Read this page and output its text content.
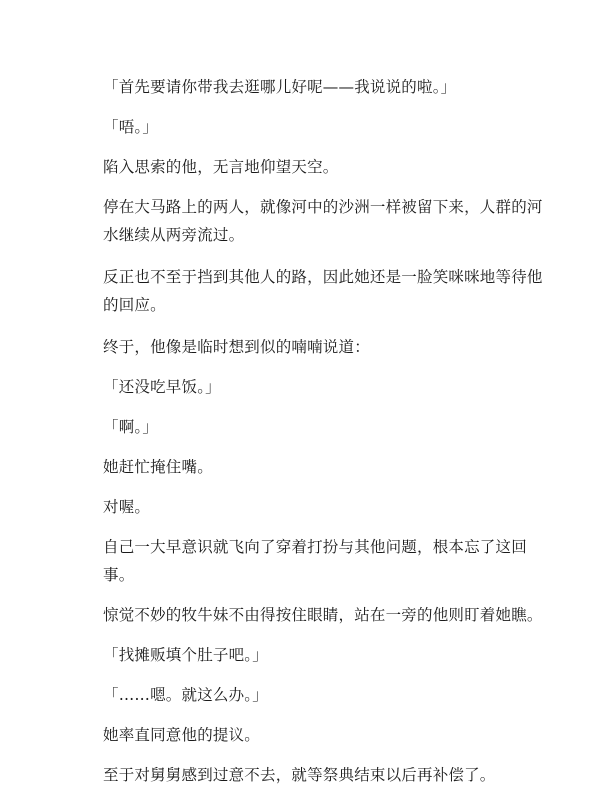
「首先要请你带我去逛哪儿好呢——我说说的啦。」

「唔。」

陷入思索的他，无言地仰望天空。

停在大马路上的两人，就像河中的沙洲一样被留下来，人群的河水继续从两旁流过。

反正也不至于挡到其他人的路，因此她还是一脸笑咪咪地等待他的回应。

终于，他像是临时想到似的喃喃说道：

「还没吃早饭。」

「啊。」

她赶忙掩住嘴。

对喔。

自己一大早意识就飞向了穿着打扮与其他问题，根本忘了这回事。

惊觉不妙的牧牛妹不由得按住眼睛，站在一旁的他则盯着她瞧。

「找摊贩填个肚子吧。」

「……嗯。就这么办。」

她率直同意他的提议。

至于对舅舅感到过意不去，就等祭典结束以后再补偿了。
